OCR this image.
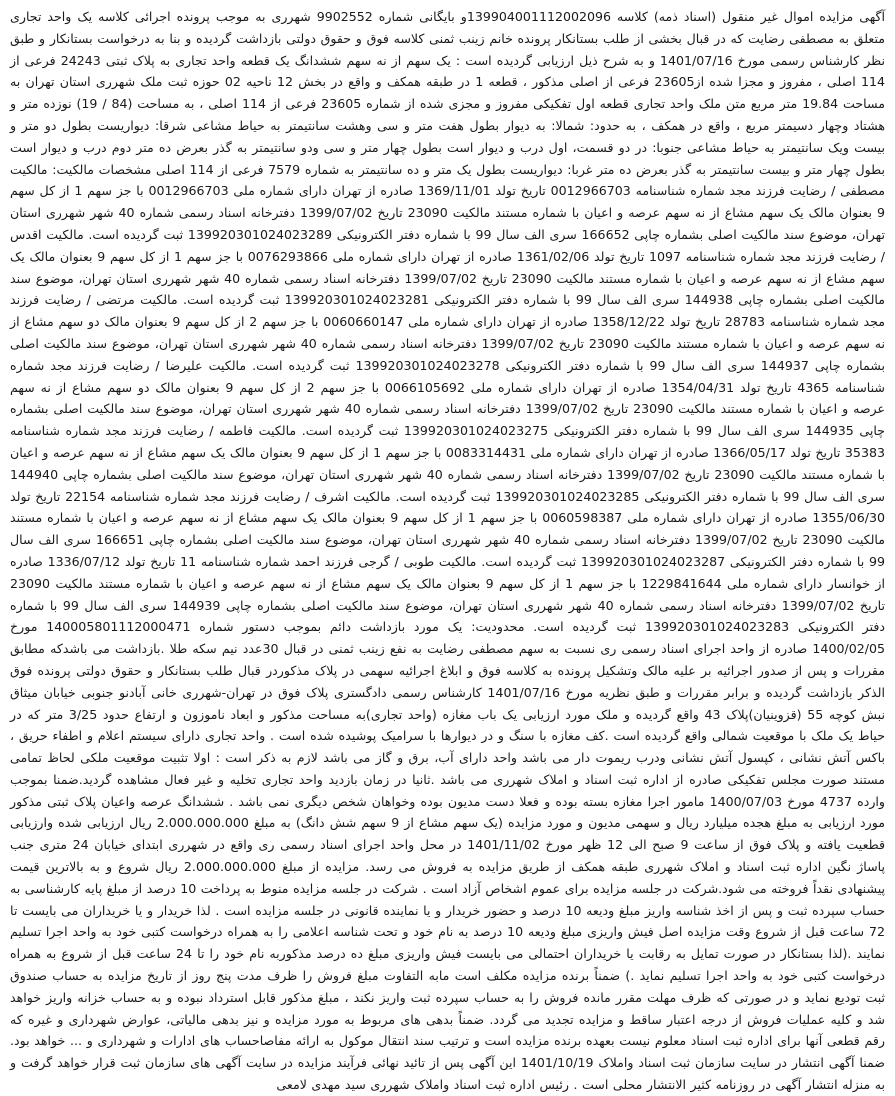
آگهی مزایده اموال غیر منقول (اسناد ذمه) کلاسه 139904001112002096و بایگانی شماره 9902552 شهرری به موجب پرونده اجرائی کلاسه یک واحد تجاری متعلق به مصطفی رضایت که در قبال بخشی از طلب بستانکار پرونده خانم زینب ثمنی کلاسه فوق و حقوق دولتی بازداشت گردیده و بنا به درخواست بستانکار و طبق نظر کارشناس رسمی مورخ 1401/07/16 و به شرح ذیل ارزیابی گردیده است : یک سهم از نه سهم ششدانگ یک قطعه واحد تجاری به پلاک ثبتی 24243 فرعی از 114 اصلی ، مفروز و مجزا شده از23605 فرعی از اصلی مذکور ، قطعه 1 در طبقه همکف و واقع در بخش 12 ناحیه 02 حوزه ثبت ملک شهرری استان تهران به مساحت 19.84 متر مربع متن ملک واحد تجاری قطعه اول تفکیکی مفروز و مجزی شده از شماره 23605 فرعی از 114 اصلی ، به مساحت (84 / 19) نوزده متر و هشتاد وچهار دسیمتر مربع ، واقع در همکف ، به حدود: شمالا: به دیوار بطول هفت متر و سی وهشت سانتیمتر به حیاط مشاعی شرقا: دیواریست بطول دو متر و بیست ویک سانتیمتر به حیاط مشاعی جنوبا: در دو قسمت، اول درب و دیوار است بطول چهار متر و سی ودو سانتیمتر به گذر بعرض ده متر دوم درب و دیوار است بطول چهار متر و بیست سانتیمتر به گذر بعرض ده متر غربا: دیواریست بطول یک متر و ده سانتیمتر به شماره 7579 فرعی از 114 اصلی مشخصات مالکیت: مالکیت مصطفی / رضایت فرزند مجد شماره شناسنامه 0012966703 تاریخ تولد 1369/11/01 صادره از تهران دارای شماره ملی 0012966703 با جز سهم 1 از کل سهم 9 بعنوان مالک یک سهم مشاع از نه سهم عرصه و اعیان با شماره مستند مالکیت 23090 تاریخ 1399/07/02 دفترخانه اسناد رسمی شماره 40 شهر شهرری استان تهران، موضوع سند مالکیت اصلی بشماره چاپی 166652 سری الف سال 99 با شماره دفتر الکترونیکی 139920301024023289 ثبت گردیده است. مالکیت اقدس / رضایت فرزند مجد شماره شناسنامه 1097 تاریخ تولد 1361/02/06 صادره از تهران دارای شماره ملی 0076293866 با جز سهم 1 از کل سهم 9 بعنوان مالک یک سهم مشاع از نه سهم عرصه و اعیان با شماره مستند مالکیت 23090 تاریخ 1399/07/02 دفترخانه اسناد رسمی شماره 40 شهر شهرری استان تهران، موضوع سند مالکیت اصلی بشماره چاپی 144938 سری الف سال 99 با شماره دفتر الکترونیکی 139920301024023281 ثبت گردیده است. مالکیت مرتضی / رضایت فرزند مجد شماره شناسنامه 28783 تاریخ تولد 1358/12/22 صادره از تهران دارای شماره ملی 0060660147 با جز سهم 2 از کل سهم 9 بعنوان مالک دو سهم مشاع از نه سهم عرصه و اعیان با شماره مستند مالکیت 23090 تاریخ 1399/07/02 دفترخانه اسناد رسمی شماره 40 شهر شهرری استان تهران، موضوع سند مالکیت اصلی بشماره چاپی 144937 سری الف سال 99 با شماره دفتر الکترونیکی 139920301024023278 ثبت گردیده است. مالکیت علیرضا / رضایت فرزند مجد شماره شناسنامه 4365 تاریخ تولد 1354/04/31 صادره از تهران دارای شماره ملی 0066105692 با جز سهم 2 از کل سهم 9 بعنوان مالک دو سهم مشاع از نه سهم عرصه و اعیان با شماره مستند مالکیت 23090 تاریخ 1399/07/02 دفترخانه اسناد رسمی شماره 40 شهر شهرری استان تهران، موضوع سند مالکیت اصلی بشماره چاپی 144935 سری الف سال 99 با شماره دفتر الکترونیکی 139920301024023275 ثبت گردیده است. مالکیت فاطمه / رضایت فرزند مجد شماره شناسنامه 35383 تاریخ تولد 1366/05/17 صادره از تهران دارای شماره ملی 0083314431 با جز سهم 1 از کل سهم 9 بعنوان مالک یک سهم مشاع از نه سهم عرصه و اعیان با شماره مستند مالکیت 23090 تاریخ 1399/07/02 دفترخانه اسناد رسمی شماره 40 شهر شهرری استان تهران، موضوع سند مالکیت اصلی بشماره چاپی 144940 سری الف سال 99 با شماره دفتر الکترونیکی 139920301024023285 ثبت گردیده است. مالکیت اشرف / رضایت فرزند مجد شماره شناسنامه 22154 تاریخ تولد 1355/06/30 صادره از تهران دارای شماره ملی 0060598387 با جز سهم 1 از کل سهم 9 بعنوان مالک یک سهم مشاع از نه سهم عرصه و اعیان با شماره مستند مالکیت 23090 تاریخ 1399/07/02 دفترخانه اسناد رسمی شماره 40 شهر شهرری استان تهران، موضوع سند مالکیت اصلی بشماره چاپی 166651 سری الف سال 99 با شماره دفتر الکترونیکی 139920301024023287 ثبت گردیده است. مالکیت طوبی / گرجی فرزند احمد شماره شناسنامه 11 تاریخ تولد 1336/07/12 صادره از خوانسار دارای شماره ملی 1229841644 با جز سهم 1 از کل سهم 9 بعنوان مالک یک سهم مشاع از نه سهم عرصه و اعیان با شماره مستند مالکیت 23090 تاریخ 1399/07/02 دفترخانه اسناد رسمی شماره 40 شهر شهرری استان تهران، موضوع سند مالکیت اصلی بشماره چاپی 144939 سری الف سال 99 با شماره دفتر الکترونیکی 139920301024023283 ثبت گردیده است. محدودیت: یک مورد بازداشت دائم بموجب دستور شماره 140005801112000471 مورخ 1400/02/05 صادره از واحد اجرای اسناد رسمی ری نسبت به سهم مصطفی رضایت به نفع زینب ثمنی در قبال 30عدد نیم سکه طلا .بازداشت می باشدکه مطابق مقررات و پس از صدور اجرائیه بر علیه مالک وتشکیل پرونده به کلاسه فوق و ابلاغ اجرائیه سهمی در پلاک مذکوردر قبال طلب بستانکار و حقوق دولتی پرونده فوق الذکر بازداشت گردیده و برابر مقررات و طبق نظریه مورخ 1401/07/16 کارشناس رسمی دادگستری پلاک فوق در تهران-شهرری خانی آبادنو جنوبی خیابان میثاق نبش کوچه 55 (قزوینیان)پلاک 43 واقع گردیده و ملک مورد ارزیابی یک باب مغازه (واحد تجاری)به مساحت مذکور و ابعاد ناموزون و ارتفاع حدود 3/25 متر که در حیاط یک ملک با موقعیت شمالی واقع گردیده است .کف مغازه با سنگ و در دیوارها با سرامیک پوشیده شده است . واحد تجاری دارای سیستم اعلام و اطفاء حریق ، باکس آتش نشانی ، کپسول آتش نشانی ودرب ریموت دار می باشد واحد دارای آب، برق و گاز می باشد لازم به ذکر است : اولا تثبیت موقعیت ملکی لحاظ تمامی مستند صورت مجلس تفکیکی صادره از اداره ثبت اسناد و املاک شهرری می باشد .ثانیا در زمان بازدید واحد تجاری تخلیه و غیر فعال مشاهده گردید.ضمنا بموجب وارده 4737 مورخ 1400/07/03 مامور اجرا مغازه بسته بوده و فعلا دست مدیون بوده وخواهان شخص دیگری نمی باشد . ششدانگ عرصه واعیان پلاک ثبتی مذکور مورد ارزیابی به مبلغ هجده میلیارد ریال و سهمی مدیون و مورد مزایده (یک سهم مشاع از 9 سهم شش دانگ) به مبلغ 2.000.000.000 ریال ارزیابی شده وارزیابی قطعیت یافته و پلاک فوق از ساعت 9 صبح الی 12 ظهر مورخ 1401/11/02 در محل واحد اجرای اسناد رسمی ری واقع در شهرری ابتدای خیابان 24 متری جنب پاساژ نگین اداره ثبت اسناد و املاک شهرری طبقه همکف از طریق مزایده به فروش می رسد. مزایده از مبلغ 2.000.000.000 ریال شروع و به بالاترین قیمت پیشنهادی نقداً فروخته می شود.شرکت در جلسه مزایده برای عموم اشخاص آزاد است . شرکت در جلسه مزایده منوط به پرداخت 10 درصد از مبلغ پایه کارشناسی به حساب سپرده ثبت و پس از اخذ شناسه واریز مبلغ ودیعه 10 درصد و حضور خریدار و یا نماینده قانونی در جلسه مزایده است . لذا خریدار و یا خریداران می بایست تا 72 ساعت قبل از شروع وقت مزایده اصل فیش واریزی مبلغ ودیعه 10 درصد به نام خود و تحت شناسه اعلامی را به همراه درخواست کتبی خود به واحد اجرا تسلیم نمایند .(لذا بستانکار در صورت تمایل به رقابت یا خریداران احتمالی می بایست فیش واریزی مبلغ ده درصد مذکوربه نام خود را تا 24 ساعت قبل از شروع به همراه درخواست کتبی خود به واحد اجرا تسلیم نماید .) ضمناً برنده مزایده مکلف است مابه التفاوت مبلغ فروش را ظرف مدت پنج روز از تاریخ مزایده به حساب صندوق ثبت تودیع نماید و در صورتی که ظرف مهلت مقرر مانده فروش را به حساب سپرده ثبت واریز نکند ، مبلغ مذکور قابل استرداد نبوده و به حساب خزانه واریز خواهد شد و کلیه عملیات فروش از درجه اعتبار ساقط و مزایده تجدید می گردد. ضمناً بدهی های مربوط به مورد مزایده و نیز بدهی مالیاتی، عوارض شهرداری و غیره که رقم قطعی آنها برای اداره ثبت اسناد معلوم نیست بعهده برنده مزایده است و ترتیب سند انتقال موکول به ارائه مفاصاحساب های ادارات و شهرداری و ... خواهد بود. ضمنا آگهی انتشار در سایت سازمان ثبت اسناد واملاک 1401/10/19 این آگهی پس از تائید نهائی فرآیند مزایده در سایت آگهی های سازمان ثبت قرار خواهد گرفت و به منزله انتشار آگهی در روزنامه کثیر الانتشار محلی است . رئیس اداره ثبت اسناد واملاک شهرری سید مهدی لامعی
